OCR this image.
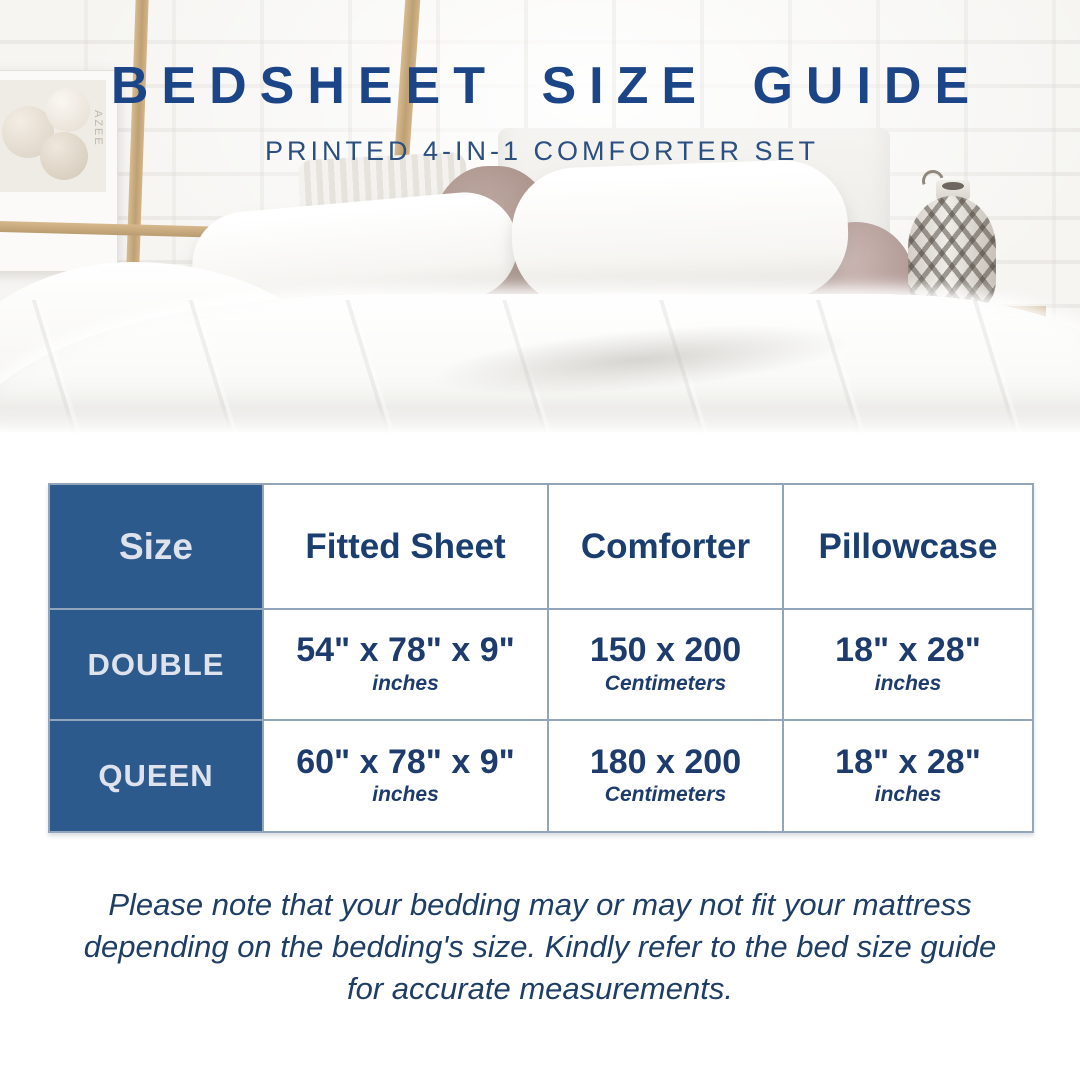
AZEE
BEDSHEET SIZE GUIDE
PRINTED 4-IN-1 COMFORTER SET
Size	Fitted Sheet Comforter Pillowcase
DOUBLE 54" x 78" x 9"
inches
150 x 200
Centimeters
18" x 28"
inches
QUEEN 60" x 78" x 9"
inches
180 x 200
Centimeters
18" x 28"
inches
Please note that your bedding may or may not fit your mattress
depending on the bedding's size. Kindly refer to the bed size guide
for accurate measurements.
